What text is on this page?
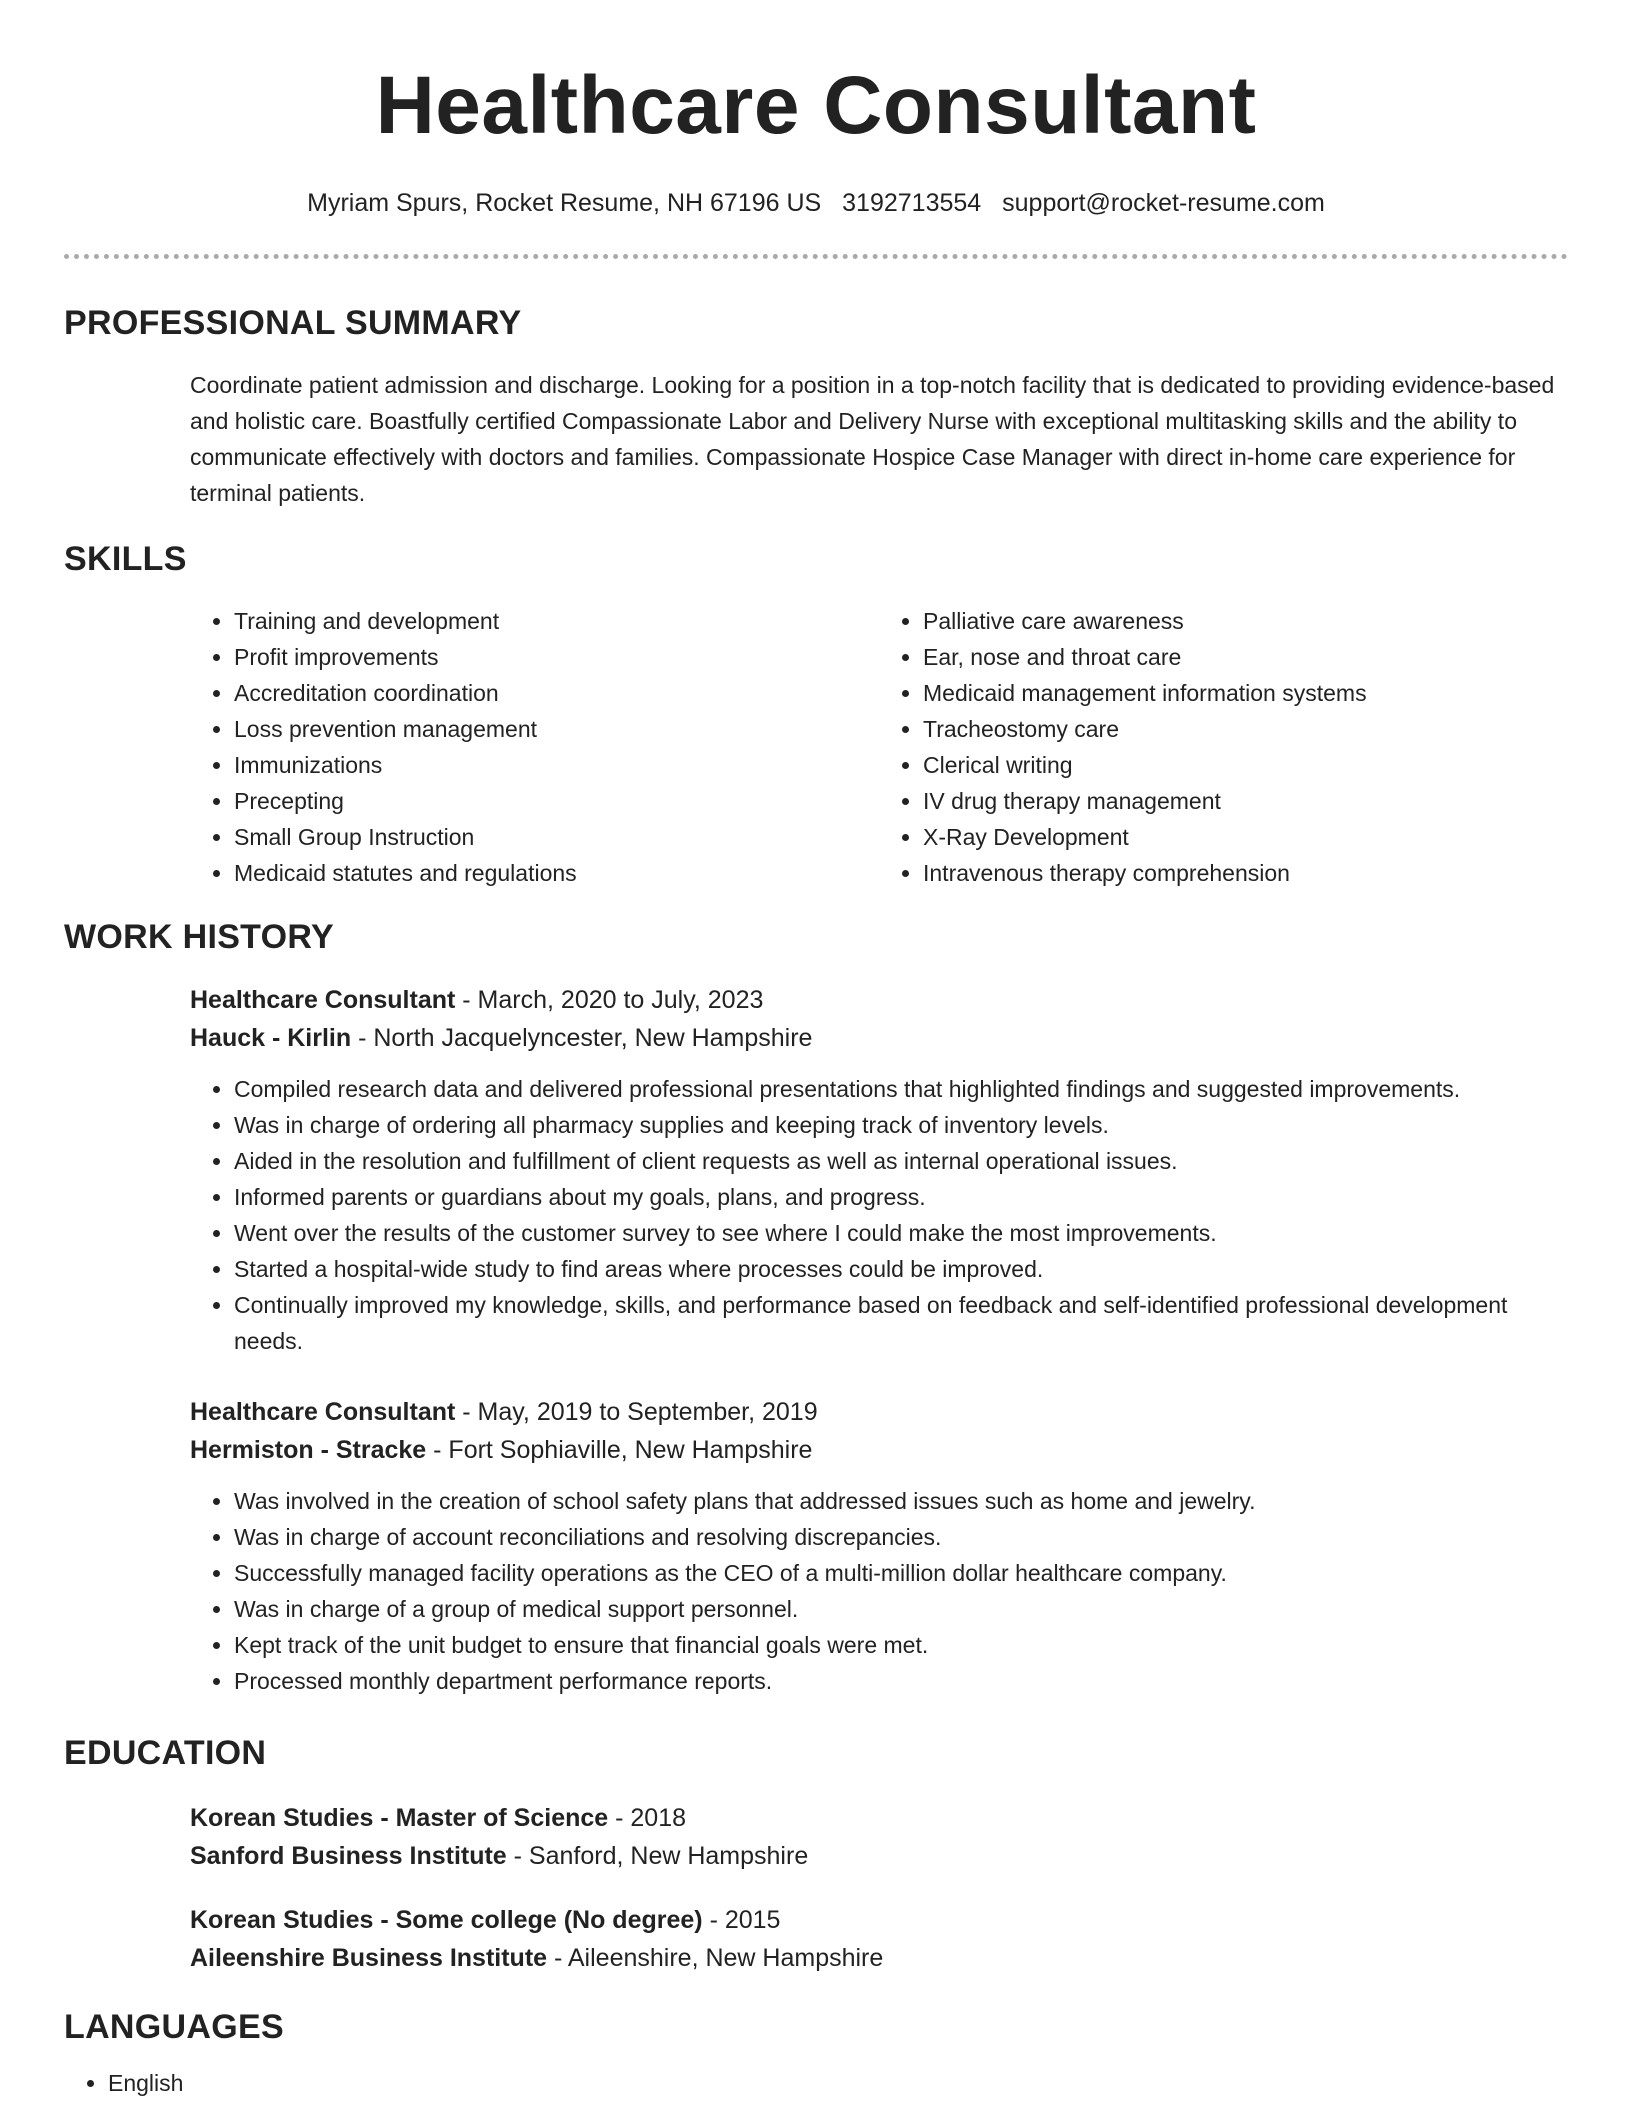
Healthcare Consultant
Myriam Spurs, Rocket Resume, NH 67196 US 3192713554 support@rocket-resume.com
PROFESSIONAL SUMMARY
Coordinate patient admission and discharge. Looking for a position in a top-notch facility that is dedicated to providing evidence-based and holistic care. Boastfully certified Compassionate Labor and Delivery Nurse with exceptional multitasking skills and the ability to communicate effectively with doctors and families. Compassionate Hospice Case Manager with direct in-home care experience for terminal patients.
SKILLS
• Training and development
• Profit improvements
• Accreditation coordination
• Loss prevention management
• Immunizations
• Precepting
• Small Group Instruction
• Medicaid statutes and regulations
• Palliative care awareness
• Ear, nose and throat care
• Medicaid management information systems
• Tracheostomy care
• Clerical writing
• IV drug therapy management
• X-Ray Development
• Intravenous therapy comprehension
WORK HISTORY
Healthcare Consultant - March, 2020 to July, 2023
Hauck - Kirlin - North Jacquelyncester, New Hampshire
• Compiled research data and delivered professional presentations that highlighted findings and suggested improvements.
• Was in charge of ordering all pharmacy supplies and keeping track of inventory levels.
• Aided in the resolution and fulfillment of client requests as well as internal operational issues.
• Informed parents or guardians about my goals, plans, and progress.
• Went over the results of the customer survey to see where I could make the most improvements.
• Started a hospital-wide study to find areas where processes could be improved.
• Continually improved my knowledge, skills, and performance based on feedback and self-identified professional development needs.
Healthcare Consultant - May, 2019 to September, 2019
Hermiston - Stracke - Fort Sophiaville, New Hampshire
• Was involved in the creation of school safety plans that addressed issues such as home and jewelry.
• Was in charge of account reconciliations and resolving discrepancies.
• Successfully managed facility operations as the CEO of a multi-million dollar healthcare company.
• Was in charge of a group of medical support personnel.
• Kept track of the unit budget to ensure that financial goals were met.
• Processed monthly department performance reports.
EDUCATION
Korean Studies - Master of Science - 2018
Sanford Business Institute - Sanford, New Hampshire
Korean Studies - Some college (No degree) - 2015
Aileenshire Business Institute - Aileenshire, New Hampshire
LANGUAGES
• English
